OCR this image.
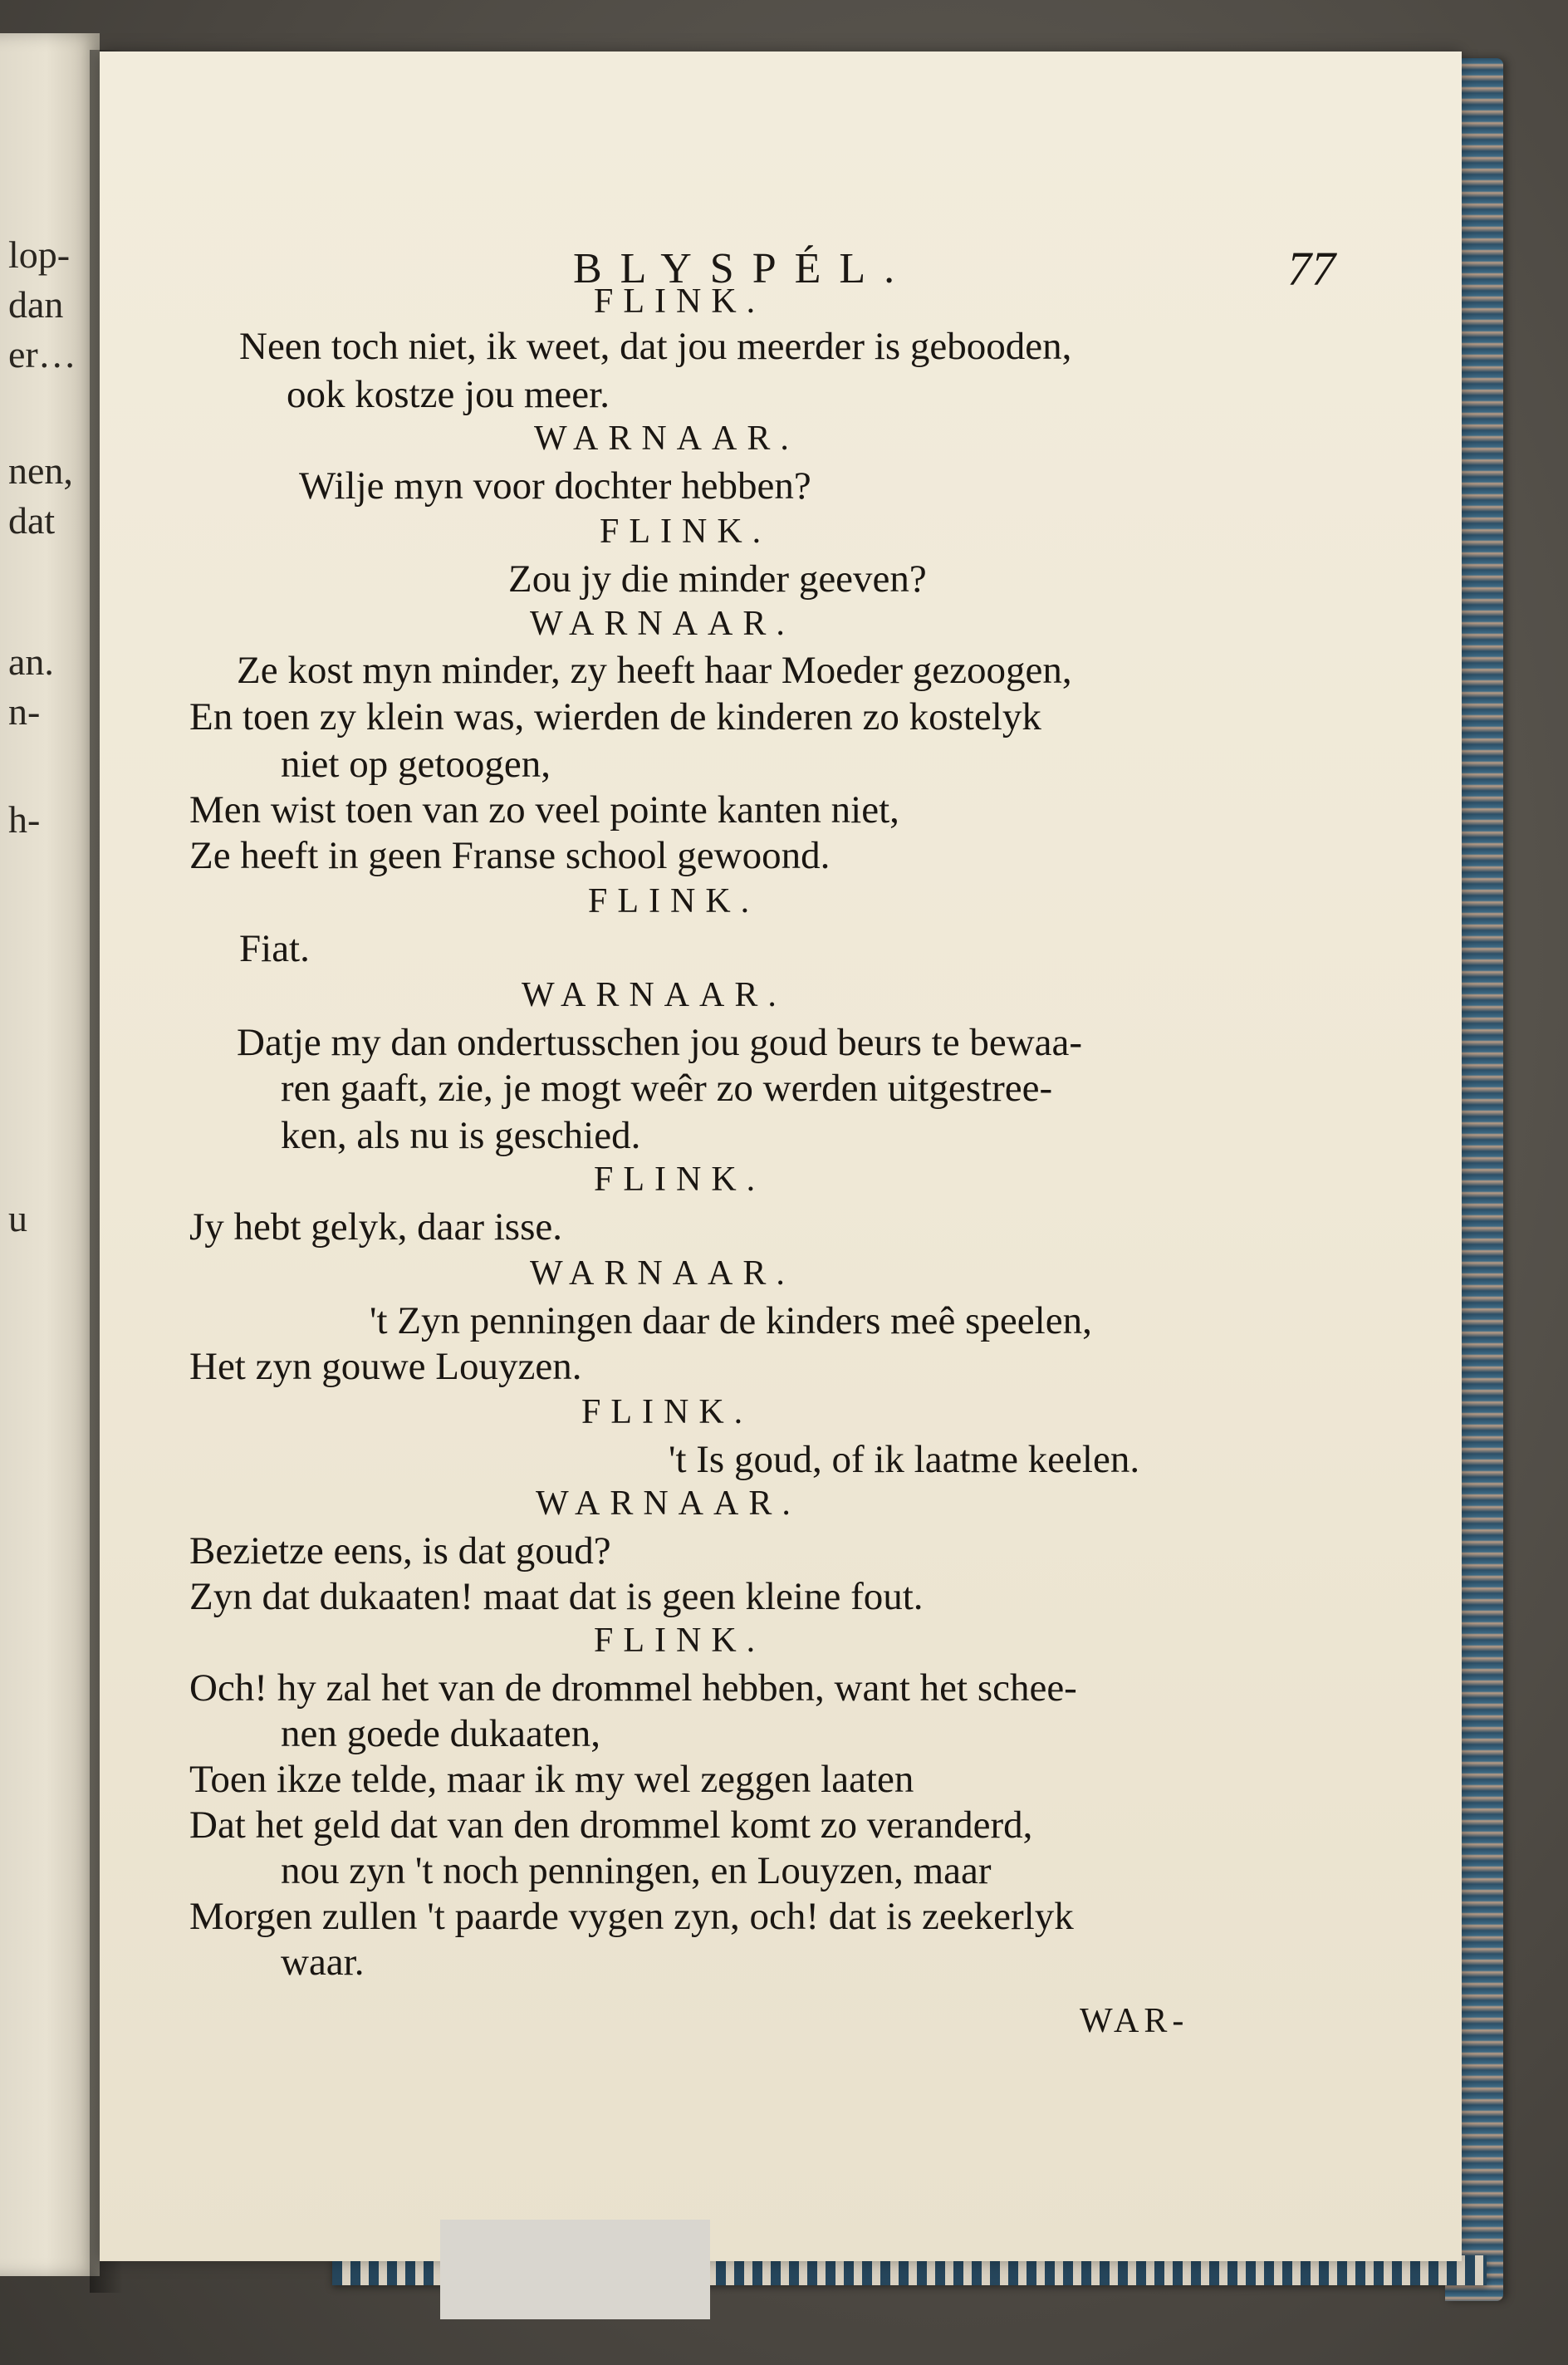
lop-
dan
er…
nen,
dat
an.
n-
h-
u
BLYSPÉL.	77
FLINK.
Neen toch niet, ik weet, dat jou meerder is gebooden,
ook kostze jou meer.
WARNAAR.
Wilje myn voor dochter hebben?
FLINK.
Zou jy die minder geeven?
WARNAAR.
Ze kost myn minder, zy heeft haar Moeder gezoogen,
En toen zy klein was, wierden de kinderen zo kostelyk
niet op getoogen,
Men wist toen van zo veel pointe kanten niet,
Ze heeft in geen Franse school gewoond.
FLINK.
Fiat.
WARNAAR.
Datje my dan ondertusschen jou goud beurs te bewaa-
ren gaaft, zie, je mogt weêr zo werden uitgestree-
ken, als nu is geschied.
FLINK.
Jy hebt gelyk, daar isse.
WARNAAR.
't Zyn penningen daar de kinders meê speelen,
Het zyn gouwe Louyzen.
FLINK.
't Is goud, of ik laatme keelen.
WARNAAR.
Bezietze eens, is dat goud?
Zyn dat dukaaten! maat dat is geen kleine fout.
FLINK.
Och! hy zal het van de drommel hebben, want het schee-
nen goede dukaaten,
Toen ikze telde, maar ik my wel zeggen laaten
Dat het geld dat van den drommel komt zo veranderd,
nou zyn 't noch penningen, en Louyzen, maar
Morgen zullen 't paarde vygen zyn, och! dat is zeekerlyk
waar.
WAR-
